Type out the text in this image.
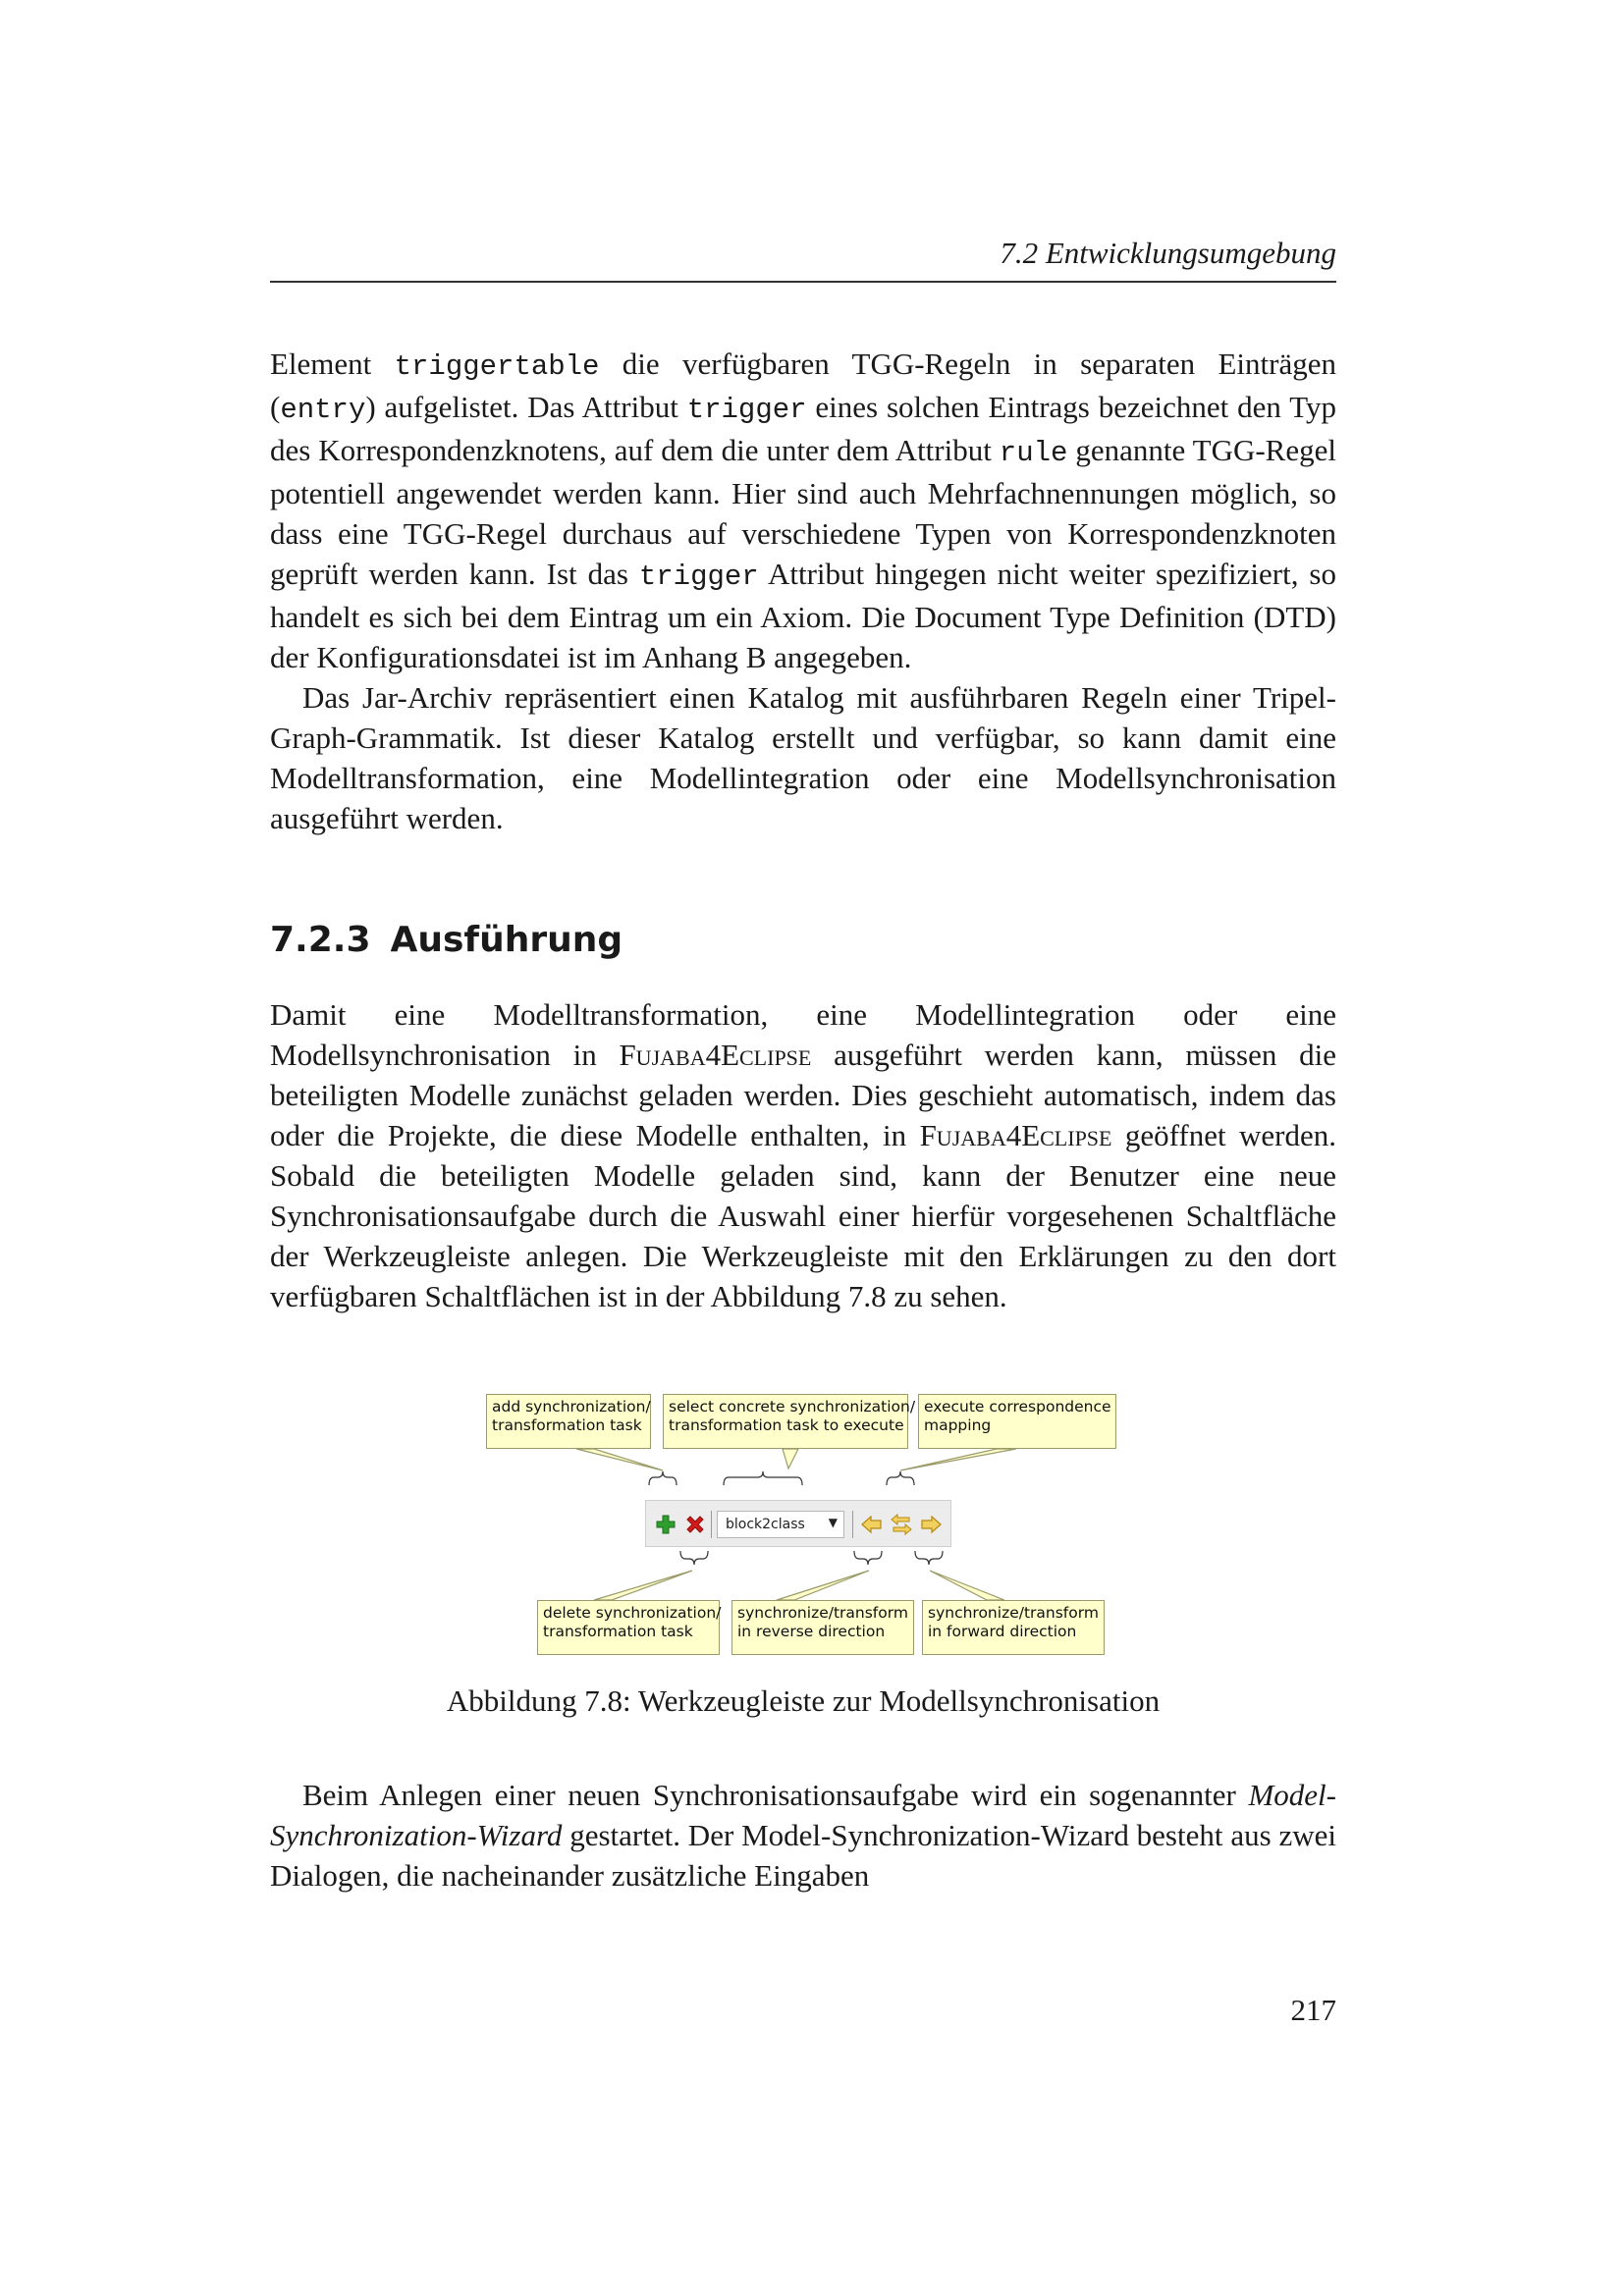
7.2 Entwicklungsumgebung

Element triggertable die verfügbaren TGG-Regeln in separaten Einträgen (entry) aufgelistet. Das Attribut trigger eines solchen Eintrags bezeichnet den Typ des Korrespondenzknotens, auf dem die unter dem Attribut rule genannte TGG-Regel potentiell angewendet werden kann. Hier sind auch Mehrfachnennungen möglich, so dass eine TGG-Regel durchaus auf verschiedene Typen von Korrespondenzknoten geprüft werden kann. Ist das trigger Attribut hingegen nicht weiter spezifiziert, so handelt es sich bei dem Eintrag um ein Axiom. Die Document Type Definition (DTD) der Konfigurationsdatei ist im Anhang B angegeben.

Das Jar-Archiv repräsentiert einen Katalog mit ausführbaren Regeln einer Tripel-Graph-Grammatik. Ist dieser Katalog erstellt und verfügbar, so kann damit eine Modelltransformation, eine Modellintegration oder eine Modellsynchronisation ausgeführt werden.

7.2.3 Ausführung

Damit eine Modelltransformation, eine Modellintegration oder eine Modellsynchronisation in Fujaba4Eclipse ausgeführt werden kann, müssen die beteiligten Modelle zunächst geladen werden. Dies geschieht automatisch, indem das oder die Projekte, die diese Modelle enthalten, in Fujaba4Eclipse geöffnet werden. Sobald die beteiligten Modelle geladen sind, kann der Benutzer eine neue Synchronisationsaufgabe durch die Auswahl einer hierfür vorgesehenen Schaltfläche der Werkzeugleiste anlegen. Die Werkzeugleiste mit den Erklärungen zu den dort verfügbaren Schaltflächen ist in der Abbildung 7.8 zu sehen.

add synchronization/
transformation task
select concrete synchronization/
transformation task to execute
execute correspondence
mapping
block2class ▼
delete synchronization/
transformation task
synchronize/transform
in reverse direction
synchronize/transform
in forward direction
Abbildung 7.8: Werkzeugleiste zur Modellsynchronisation

Beim Anlegen einer neuen Synchronisationsaufgabe wird ein sogenannter Model-Synchronization-Wizard gestartet. Der Model-Synchronization-Wizard besteht aus zwei Dialogen, die nacheinander zusätzliche Eingaben

217
